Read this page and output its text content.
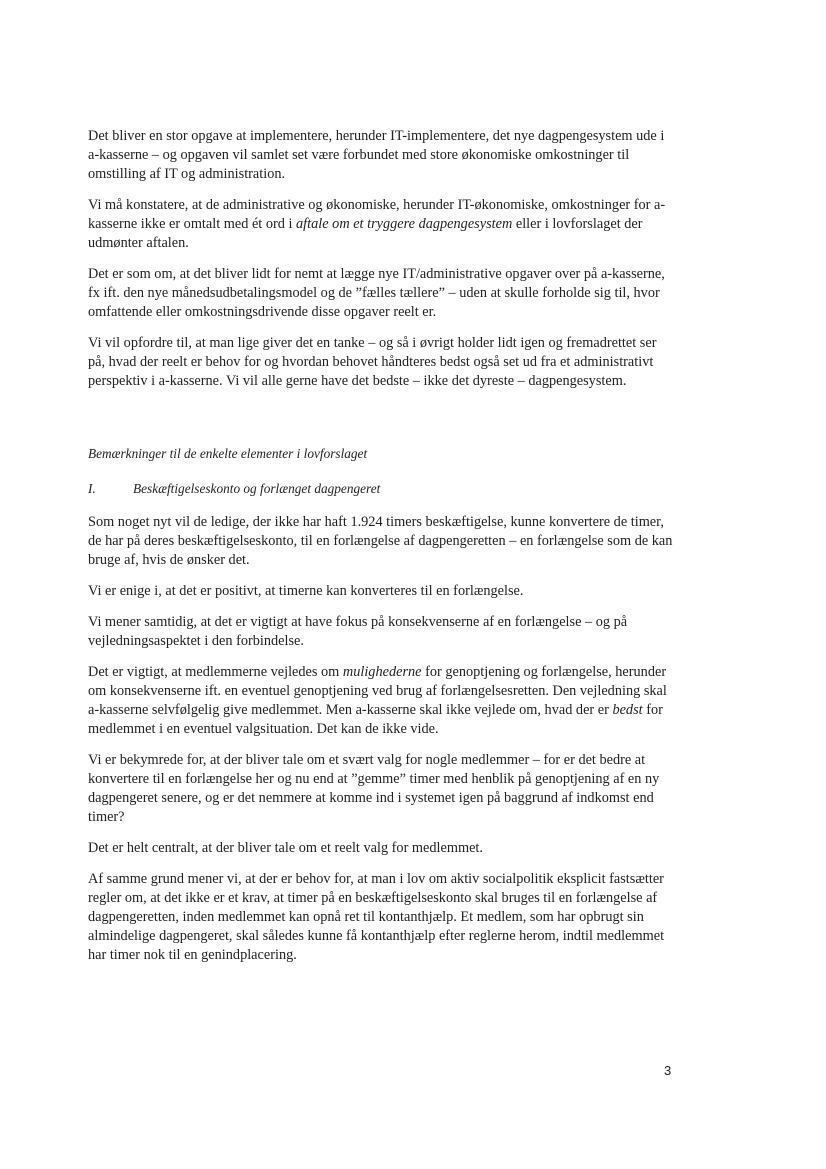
Det bliver en stor opgave at implementere, herunder IT-implementere, det nye dagpengesystem ude i a-kasserne – og opgaven vil samlet set være forbundet med store økonomiske omkostninger til omstilling af IT og administration.

Vi må konstatere, at de administrative og økonomiske, herunder IT-økonomiske, omkostninger for a-kasserne ikke er omtalt med ét ord i aftale om et tryggere dagpengesystem eller i lovforslaget der udmønter aftalen.

Det er som om, at det bliver lidt for nemt at lægge nye IT/administrative opgaver over på a-kasserne, fx ift. den nye månedsudbetalingsmodel og de ”fælles tællere” – uden at skulle forholde sig til, hvor omfattende eller omkostningsdrivende disse opgaver reelt er.

Vi vil opfordre til, at man lige giver det en tanke – og så i øvrigt holder lidt igen og fremadrettet ser på, hvad der reelt er behov for og hvordan behovet håndteres bedst også set ud fra et administrativt perspektiv i a-kasserne. Vi vil alle gerne have det bedste – ikke det dyreste – dagpengesystem.

Bemærkninger til de enkelte elementer i lovforslaget
I.	Beskæftigelseskonto og forlænget dagpengeret

Som noget nyt vil de ledige, der ikke har haft 1.924 timers beskæftigelse, kunne konvertere de timer, de har på deres beskæftigelseskonto, til en forlængelse af dagpengeretten – en forlængelse som de kan bruge af, hvis de ønsker det.

Vi er enige i, at det er positivt, at timerne kan konverteres til en forlængelse.

Vi mener samtidig, at det er vigtigt at have fokus på konsekvenserne af en forlængelse – og på vejledningsaspektet i den forbindelse.

Det er vigtigt, at medlemmerne vejledes om mulighederne for genoptjening og forlængelse, herunder om konsekvenserne ift. en eventuel genoptjening ved brug af forlængelsesretten. Den vejledning skal a-kasserne selvfølgelig give medlemmet. Men a-kasserne skal ikke vejlede om, hvad der er bedst for medlemmet i en eventuel valgsituation. Det kan de ikke vide.

Vi er bekymrede for, at der bliver tale om et svært valg for nogle medlemmer – for er det bedre at konvertere til en forlængelse her og nu end at ”gemme” timer med henblik på genoptjening af en ny dagpengeret senere, og er det nemmere at komme ind i systemet igen på baggrund af indkomst end timer?

Det er helt centralt, at der bliver tale om et reelt valg for medlemmet.

Af samme grund mener vi, at der er behov for, at man i lov om aktiv socialpolitik eksplicit fastsætter regler om, at det ikke er et krav, at timer på en beskæftigelseskonto skal bruges til en forlængelse af dagpengeretten, inden medlemmet kan opnå ret til kontanthjælp. Et medlem, som har opbrugt sin almindelige dagpengeret, skal således kunne få kontanthjælp efter reglerne herom, indtil medlemmet har timer nok til en genindplacering.

3
